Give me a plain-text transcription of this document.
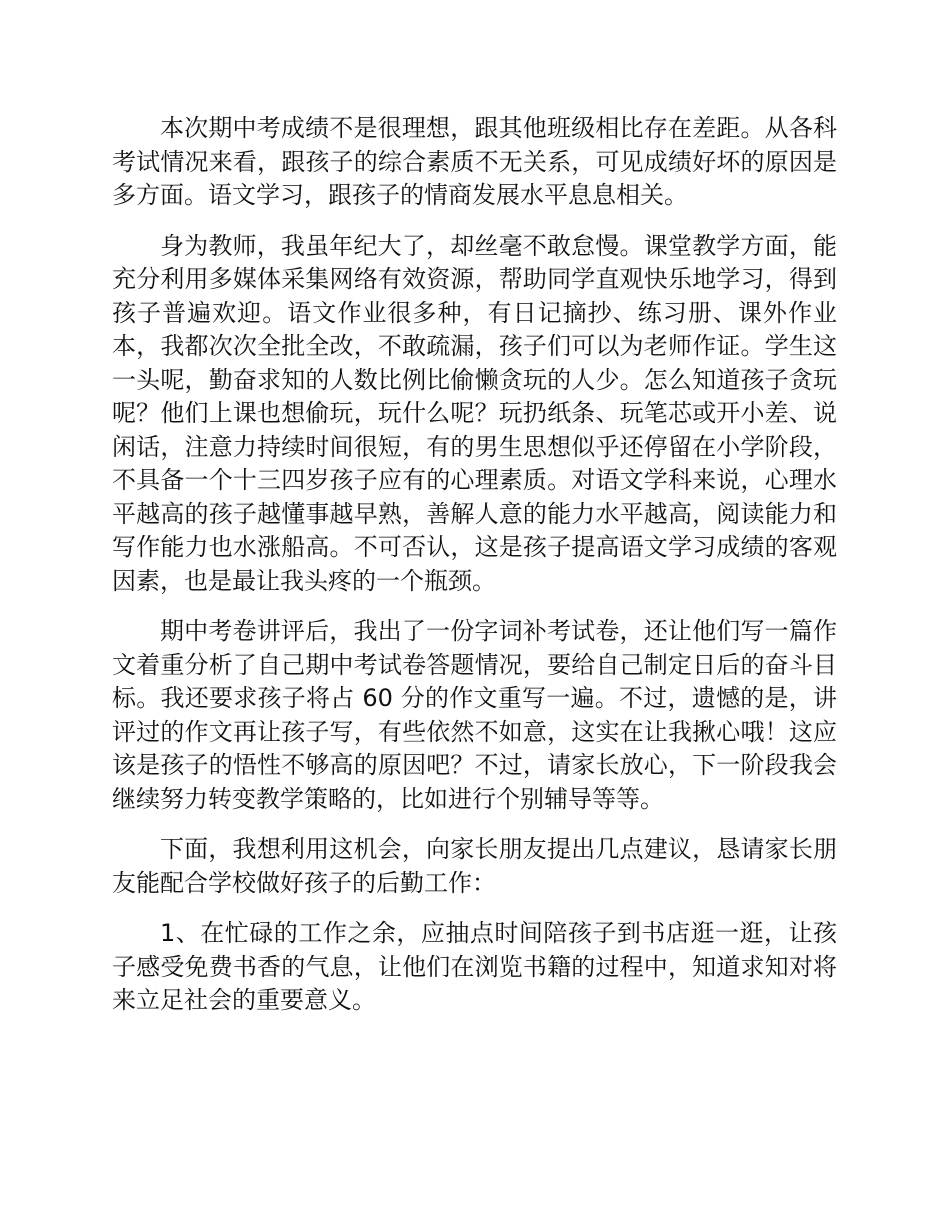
本次期中考成绩不是很理想，跟其他班级相比存在差距。从各科考试情况来看，跟孩子的综合素质不无关系，可见成绩好坏的原因是多方面。语文学习，跟孩子的情商发展水平息息相关。

身为教师，我虽年纪大了，却丝毫不敢怠慢。课堂教学方面，能充分利用多媒体采集网络有效资源，帮助同学直观快乐地学习，得到孩子普遍欢迎。语文作业很多种，有日记摘抄、练习册、课外作业本，我都次次全批全改，不敢疏漏，孩子们可以为老师作证。学生这一头呢，勤奋求知的人数比例比偷懒贪玩的人少。怎么知道孩子贪玩呢？他们上课也想偷玩，玩什么呢？玩扔纸条、玩笔芯或开小差、说闲话，注意力持续时间很短，有的男生思想似乎还停留在小学阶段，不具备一个十三四岁孩子应有的心理素质。对语文学科来说，心理水平越高的孩子越懂事越早熟，善解人意的能力水平越高，阅读能力和写作能力也水涨船高。不可否认，这是孩子提高语文学习成绩的客观因素，也是最让我头疼的一个瓶颈。

期中考卷讲评后，我出了一份字词补考试卷，还让他们写一篇作文着重分析了自己期中考试卷答题情况，要给自己制定日后的奋斗目标。我还要求孩子将占 60 分的作文重写一遍。不过，遗憾的是，讲评过的作文再让孩子写，有些依然不如意，这实在让我揪心哦！这应该是孩子的悟性不够高的原因吧？不过，请家长放心，下一阶段我会继续努力转变教学策略的，比如进行个别辅导等等。

下面，我想利用这机会，向家长朋友提出几点建议，恳请家长朋友能配合学校做好孩子的后勤工作：

1、在忙碌的工作之余，应抽点时间陪孩子到书店逛一逛，让孩子感受免费书香的气息，让他们在浏览书籍的过程中，知道求知对将来立足社会的重要意义。
